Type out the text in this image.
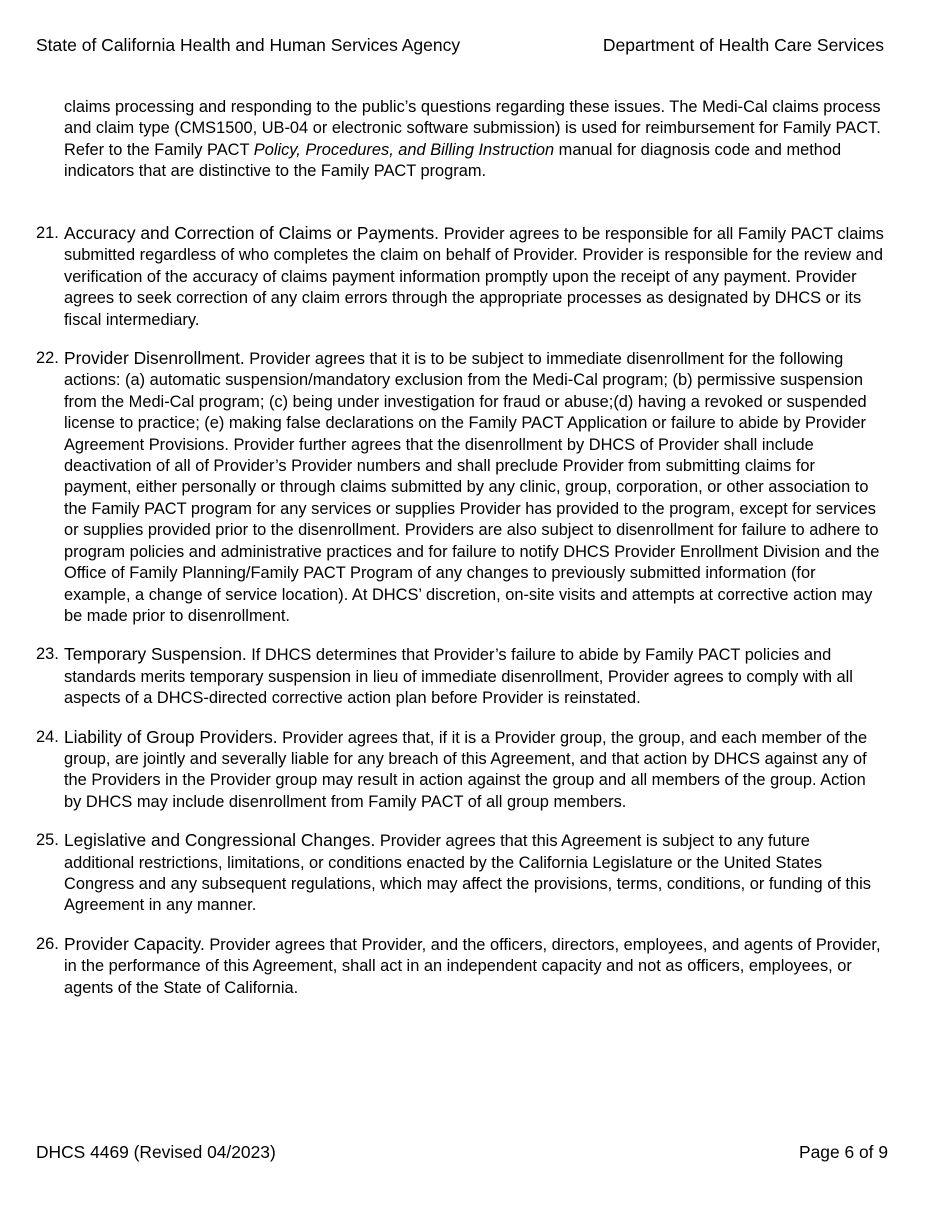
State of California Health and Human Services Agency	Department of Health Care Services

claims processing and responding to the public’s questions regarding these issues. The Medi-Cal claims process and claim type (CMS1500, UB-04 or electronic software submission) is used for reimbursement for Family PACT. Refer to the Family PACT Policy, Procedures, and Billing Instruction manual for diagnosis code and method indicators that are distinctive to the Family PACT program.

21. Accuracy and Correction of Claims or Payments. Provider agrees to be responsible for all Family PACT claims submitted regardless of who completes the claim on behalf of Provider. Provider is responsible for the review and verification of the accuracy of claims payment information promptly upon the receipt of any payment. Provider agrees to seek correction of any claim errors through the appropriate processes as designated by DHCS or its fiscal intermediary.
22. Provider Disenrollment. Provider agrees that it is to be subject to immediate disenrollment for the following actions: (a) automatic suspension/mandatory exclusion from the Medi-Cal program; (b) permissive suspension from the Medi-Cal program; (c) being under investigation for fraud or abuse;(d) having a revoked or suspended license to practice; (e) making false declarations on the Family PACT Application or failure to abide by Provider Agreement Provisions. Provider further agrees that the disenrollment by DHCS of Provider shall include deactivation of all of Provider’s Provider numbers and shall preclude Provider from submitting claims for payment, either personally or through claims submitted by any clinic, group, corporation, or other association to the Family PACT program for any services or supplies Provider has provided to the program, except for services or supplies provided prior to the disenrollment. Providers are also subject to disenrollment for failure to adhere to program policies and administrative practices and for failure to notify DHCS Provider Enrollment Division and the Office of Family Planning/Family PACT Program of any changes to previously submitted information (for example, a change of service location). At DHCS’ discretion, on-site visits and attempts at corrective action may be made prior to disenrollment.
23. Temporary Suspension. If DHCS determines that Provider’s failure to abide by Family PACT policies and standards merits temporary suspension in lieu of immediate disenrollment, Provider agrees to comply with all aspects of a DHCS-directed corrective action plan before Provider is reinstated.
24. Liability of Group Providers. Provider agrees that, if it is a Provider group, the group, and each member of the group, are jointly and severally liable for any breach of this Agreement, and that action by DHCS against any of the Providers in the Provider group may result in action against the group and all members of the group. Action by DHCS may include disenrollment from Family PACT of all group members.
25. Legislative and Congressional Changes. Provider agrees that this Agreement is subject to any future additional restrictions, limitations, or conditions enacted by the California Legislature or the United States Congress and any subsequent regulations, which may affect the provisions, terms, conditions, or funding of this Agreement in any manner.
26. Provider Capacity. Provider agrees that Provider, and the officers, directors, employees, and agents of Provider, in the performance of this Agreement, shall act in an independent capacity and not as officers, employees, or agents of the State of California.
DHCS 4469 (Revised 04/2023)	Page 6 of 9
